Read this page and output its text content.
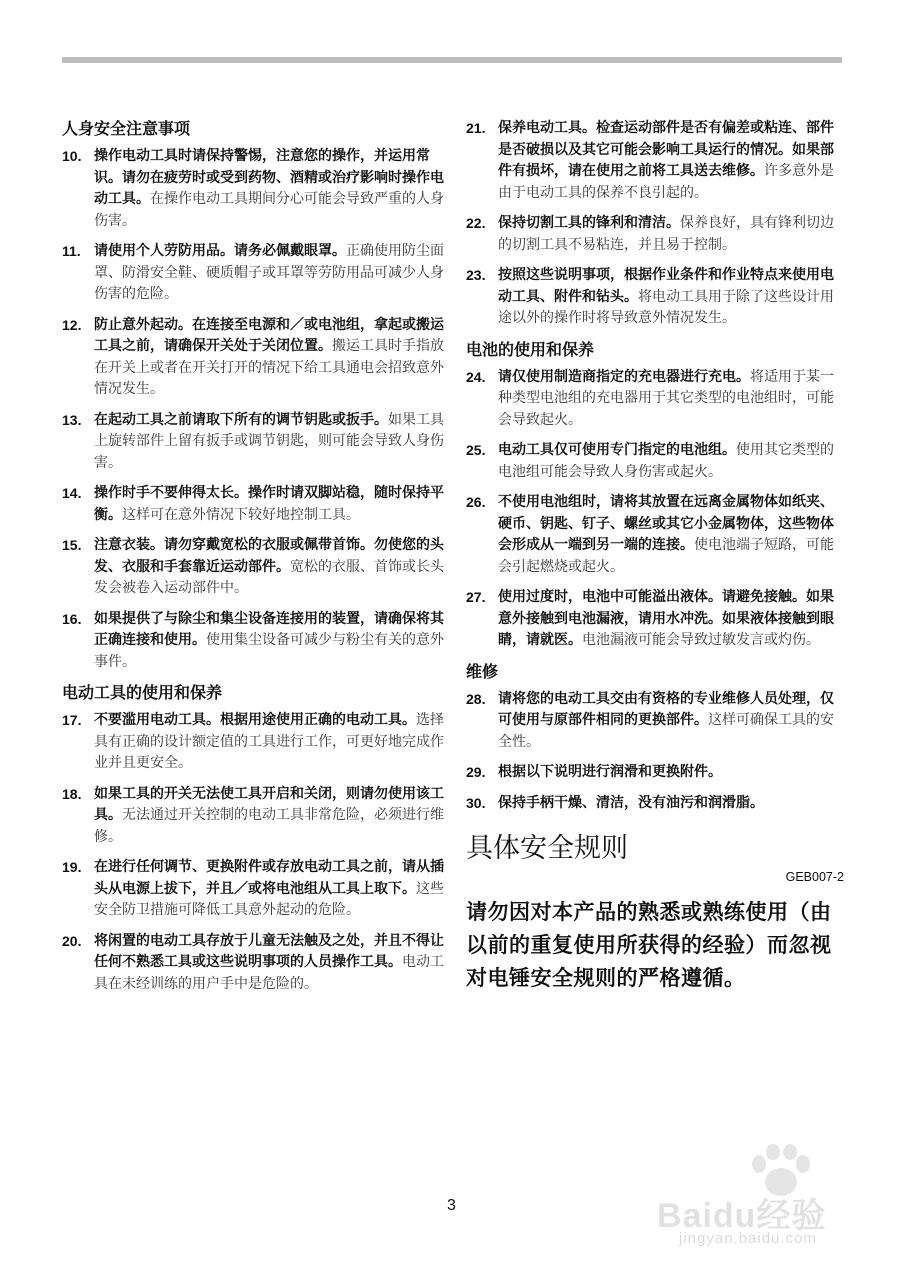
人身安全注意事项
10. 操作电动工具时请保持警惕，注意您的操作，并运用常识。请勿在疲劳时或受到药物、酒精或治疗影响时操作电动工具。在操作电动工具期间分心可能会导致严重的人身伤害。
11. 请使用个人劳防用品。请务必佩戴眼罩。正确使用防尘面罩、防滑安全鞋、硬质帽子或耳罩等劳防用品可减少人身伤害的危险。
12. 防止意外起动。在连接至电源和／或电池组，拿起或搬运工具之前，请确保开关处于关闭位置。搬运工具时手指放在开关上或者在开关打开的情况下给工具通电会招致意外情况发生。
13. 在起动工具之前请取下所有的调节钥匙或扳手。如果工具上旋转部件上留有扳手或调节钥匙，则可能会导致人身伤害。
14. 操作时手不要伸得太长。操作时请双脚站稳，随时保持平衡。这样可在意外情况下较好地控制工具。
15. 注意衣装。请勿穿戴宽松的衣服或佩带首饰。勿使您的头发、衣服和手套靠近运动部件。宽松的衣服、首饰或长头发会被卷入运动部件中。
16. 如果提供了与除尘和集尘设备连接用的装置，请确保将其正确连接和使用。使用集尘设备可减少与粉尘有关的意外事件。
电动工具的使用和保养
17. 不要滥用电动工具。根据用途使用正确的电动工具。选择具有正确的设计额定值的工具进行工作，可更好地完成作业并且更安全。
18. 如果工具的开关无法使工具开启和关闭，则请勿使用该工具。无法通过开关控制的电动工具非常危险，必须进行维修。
19. 在进行任何调节、更换附件或存放电动工具之前，请从插头从电源上拔下，并且／或将电池组从工具上取下。这些安全防卫措施可降低工具意外起动的危险。
20. 将闲置的电动工具存放于儿童无法触及之处，并且不得让任何不熟悉工具或这些说明事项的人员操作工具。电动工具在未经训练的用户手中是危险的。
21. 保养电动工具。检查运动部件是否有偏差或粘连、部件是否破损以及其它可能会影响工具运行的情况。如果部件有损坏，请在使用之前将工具送去维修。许多意外是由于电动工具的保养不良引起的。
22. 保持切割工具的锋利和清洁。保养良好，具有锋利切边的切割工具不易粘连，并且易于控制。
23. 按照这些说明事项，根据作业条件和作业特点来使用电动工具、附件和钻头。将电动工具用于除了这些设计用途以外的操作时将导致意外情况发生。
电池的使用和保养
24. 请仅使用制造商指定的充电器进行充电。将适用于某一种类型电池组的充电器用于其它类型的电池组时，可能会导致起火。
25. 电动工具仅可使用专门指定的电池组。使用其它类型的电池组可能会导致人身伤害或起火。
26. 不使用电池组时，请将其放置在远离金属物体如纸夹、硬币、钥匙、钉子、螺丝或其它小金属物体，这些物体会形成从一端到另一端的连接。使电池端子短路，可能会引起燃烧或起火。
27. 使用过度时，电池中可能溢出液体。请避免接触。如果意外接触到电池漏液，请用水冲洗。如果液体接触到眼睛，请就医。电池漏液可能会导致过敏发言或灼伤。
维修
28. 请将您的电动工具交由有资格的专业维修人员处理，仅可使用与原部件相同的更换部件。这样可确保工具的安全性。
29. 根据以下说明进行润滑和更换附件。
30. 保持手柄干燥、清洁，没有油污和润滑脂。
具体安全规则
GEB007-2
请勿因对本产品的熟悉或熟练使用（由以前的重复使用所获得的经验）而忽视对电锤安全规则的严格遵循。
3	Baidu经验
jingyan.baidu.com
